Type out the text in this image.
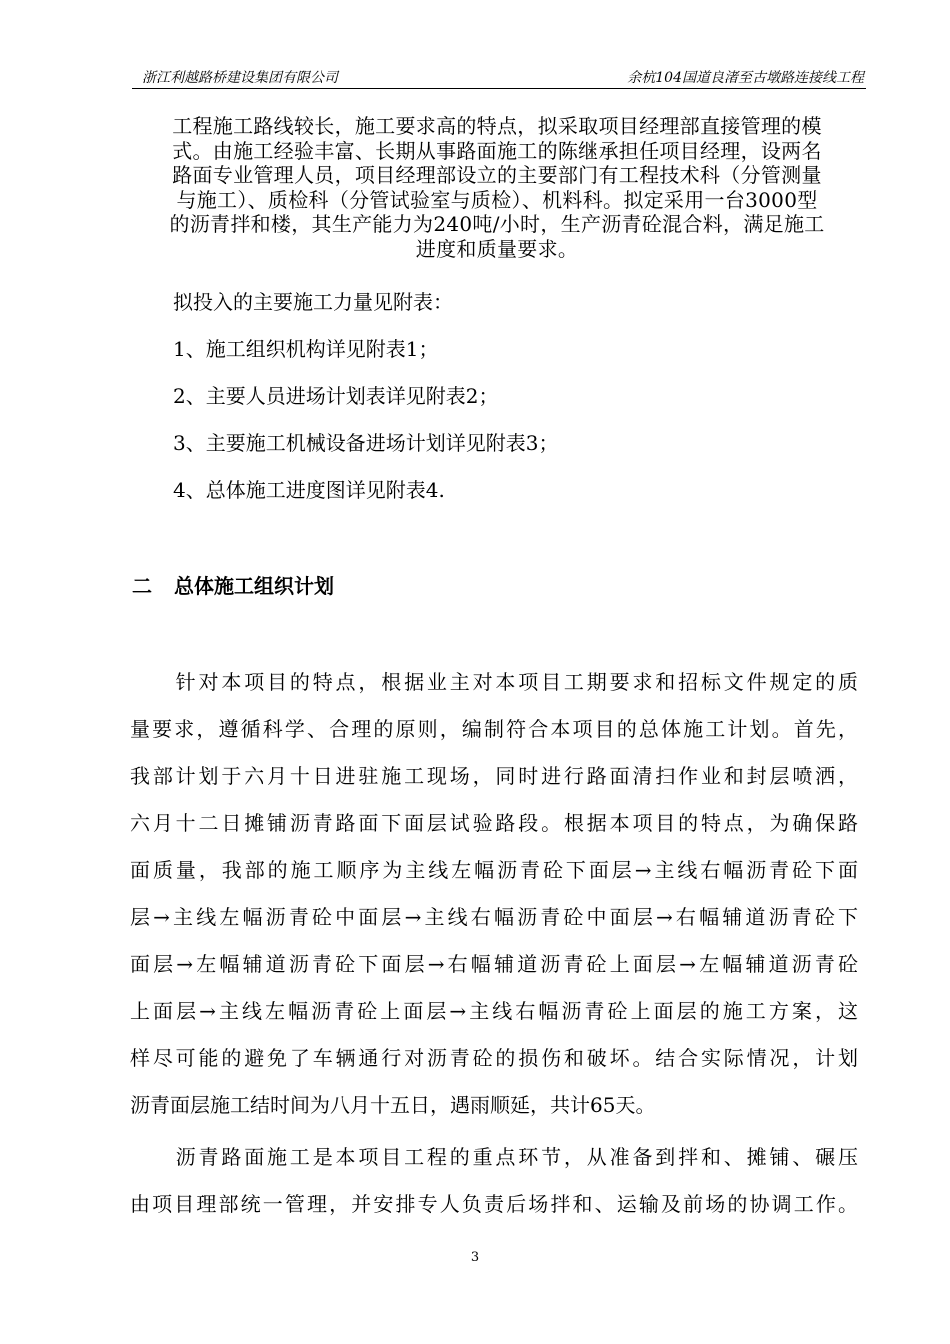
浙江利越路桥建设集团有限公司	余杭104国道良渚至古墩路连接线工程
工程施工路线较长，施工要求高的特点，拟采取项目经理部直接管理的模
式。由施工经验丰富、长期从事路面施工的陈继承担任项目经理，设两名
路面专业管理人员，项目经理部设立的主要部门有工程技术科（分管测量
与施工）、质检科（分管试验室与质检）、机料科。拟定采用一台3000型
的沥青拌和楼，其生产能力为240吨/小时，生产沥青砼混合料，满足施工
进度和质量要求。
拟投入的主要施工力量见附表：
1、施工组织机构详见附表1；
2、主要人员进场计划表详见附表2；
3、主要施工机械设备进场计划详见附表3；
4、总体施工进度图详见附表4.
二 总体施工组织计划
　　针对本项目的特点，根据业主对本项目工期要求和招标文件规定的质
量要求，遵循科学、合理的原则，编制符合本项目的总体施工计划。首先，
我部计划于六月十日进驻施工现场，同时进行路面清扫作业和封层喷洒，
六月十二日摊铺沥青路面下面层试验路段。根据本项目的特点，为确保路
面质量，我部的施工顺序为主线左幅沥青砼下面层→主线右幅沥青砼下面
层→主线左幅沥青砼中面层→主线右幅沥青砼中面层→右幅辅道沥青砼下
面层→左幅辅道沥青砼下面层→右幅辅道沥青砼上面层→左幅辅道沥青砼
上面层→主线左幅沥青砼上面层→主线右幅沥青砼上面层的施工方案，这
样尽可能的避免了车辆通行对沥青砼的损伤和破坏。结合实际情况，计划
沥青面层施工结时间为八月十五日，遇雨顺延，共计65天。
　　沥青路面施工是本项目工程的重点环节，从准备到拌和、摊铺、碾压
由项目理部统一管理，并安排专人负责后场拌和、运输及前场的协调工作。
3
